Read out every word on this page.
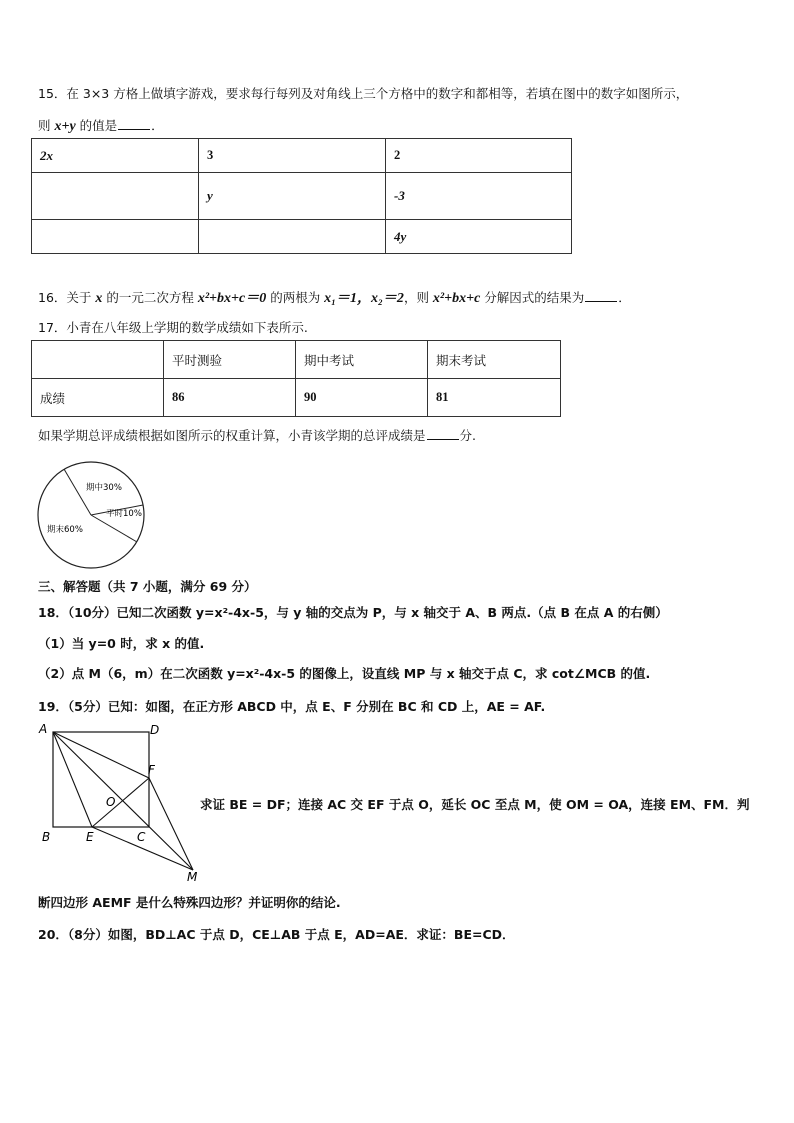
15．在 3×3 方格上做填字游戏，要求每行每列及对角线上三个方格中的数字和都相等，若填在图中的数字如图所示，
则 x+y 的值是	．
2x	3	2
	y	-3
		4y
16．关于 x 的一元二次方程 x²+bx+c＝0 的两根为 x₁＝1，x₂＝2，则 x²+bx+c 分解因式的结果为	．
17．小青在八年级上学期的数学成绩如下表所示.
	平时测验	期中考试	期末考试
成绩	86	90	81
如果学期总评成绩根据如图所示的权重计算，小青该学期的总评成绩是	分.
期中30%
平时10%
期末60%
三、解答题（共 7 小题，满分 69 分）
18．（10分）已知二次函数 y=x²-4x-5，与 y 轴的交点为 P，与 x 轴交于 A、B 两点.（点 B 在点 A 的右侧）
（1）当 y=0 时，求 x 的值.
（2）点 M（6，m）在二次函数 y=x²-4x-5 的图像上，设直线 MP 与 x 轴交于点 C，求 cot∠MCB 的值.
19．（5分）已知：如图，在正方形 ABCD 中，点 E、F 分别在 BC 和 CD 上，AE = AF.
A	D
F
O
B	E	C
M
求证 BE = DF；连接 AC 交 EF 于点 O，延长 OC 至点 M，使 OM = OA，连接 EM、FM．判
断四边形 AEMF 是什么特殊四边形？并证明你的结论.
20．（8分）如图，BD⊥AC 于点 D，CE⊥AB 于点 E，AD=AE．求证：BE=CD．
